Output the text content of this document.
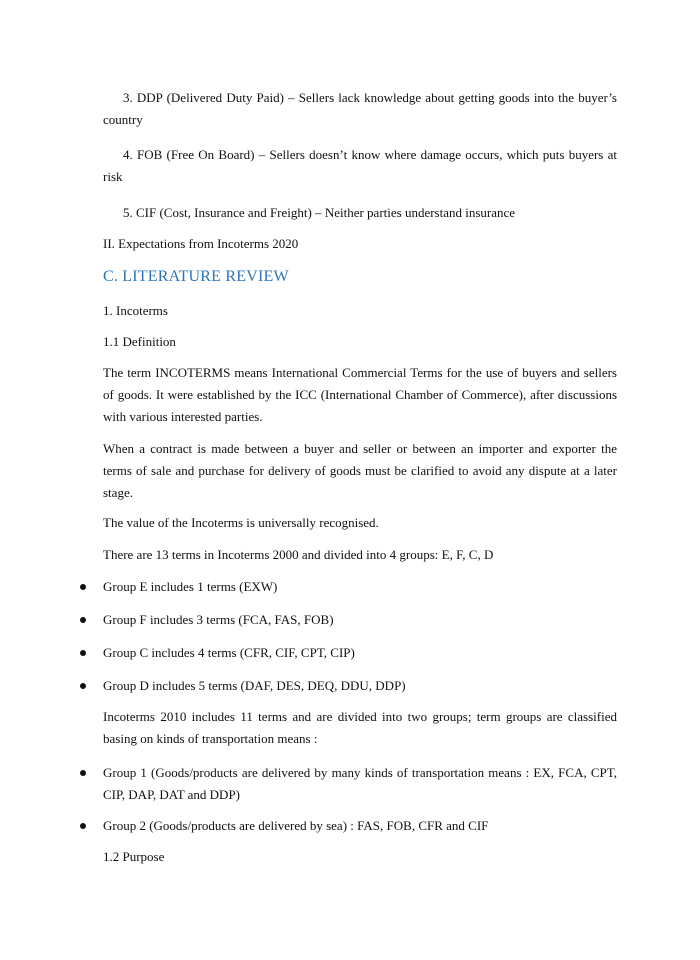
3. DDP (Delivered Duty Paid) – Sellers lack knowledge about getting goods into the buyer’s country
4. FOB (Free On Board) – Sellers doesn’t know where damage occurs, which puts buyers at risk
5. CIF (Cost, Insurance and Freight) – Neither parties understand insurance
II. Expectations from Incoterms 2020
C. LITERATURE REVIEW
1. Incoterms
1.1 Definition
The term INCOTERMS means International Commercial Terms for the use of buyers and sellers of goods. It were established by the ICC (International Chamber of Commerce), after discussions with various interested parties.
When a contract is made between a buyer and seller or between an importer and exporter the terms of sale and purchase for delivery of goods must be clarified to avoid any dispute at a later stage.
The value of the Incoterms is universally recognised.
There are 13 terms in Incoterms 2000 and divided into 4 groups: E, F, C, D
Group E includes 1 terms (EXW)
Group F includes 3 terms (FCA, FAS, FOB)
Group C includes 4 terms (CFR, CIF, CPT, CIP)
Group D includes 5 terms (DAF, DES, DEQ, DDU, DDP)
Incoterms 2010 includes 11 terms and are divided into two groups; term groups are classified basing on kinds of transportation means :
Group 1 (Goods/products are delivered by many kinds of transportation means : EX, FCA, CPT, CIP, DAP, DAT and DDP)
Group 2 (Goods/products are delivered by sea) : FAS, FOB, CFR and CIF
1.2 Purpose
